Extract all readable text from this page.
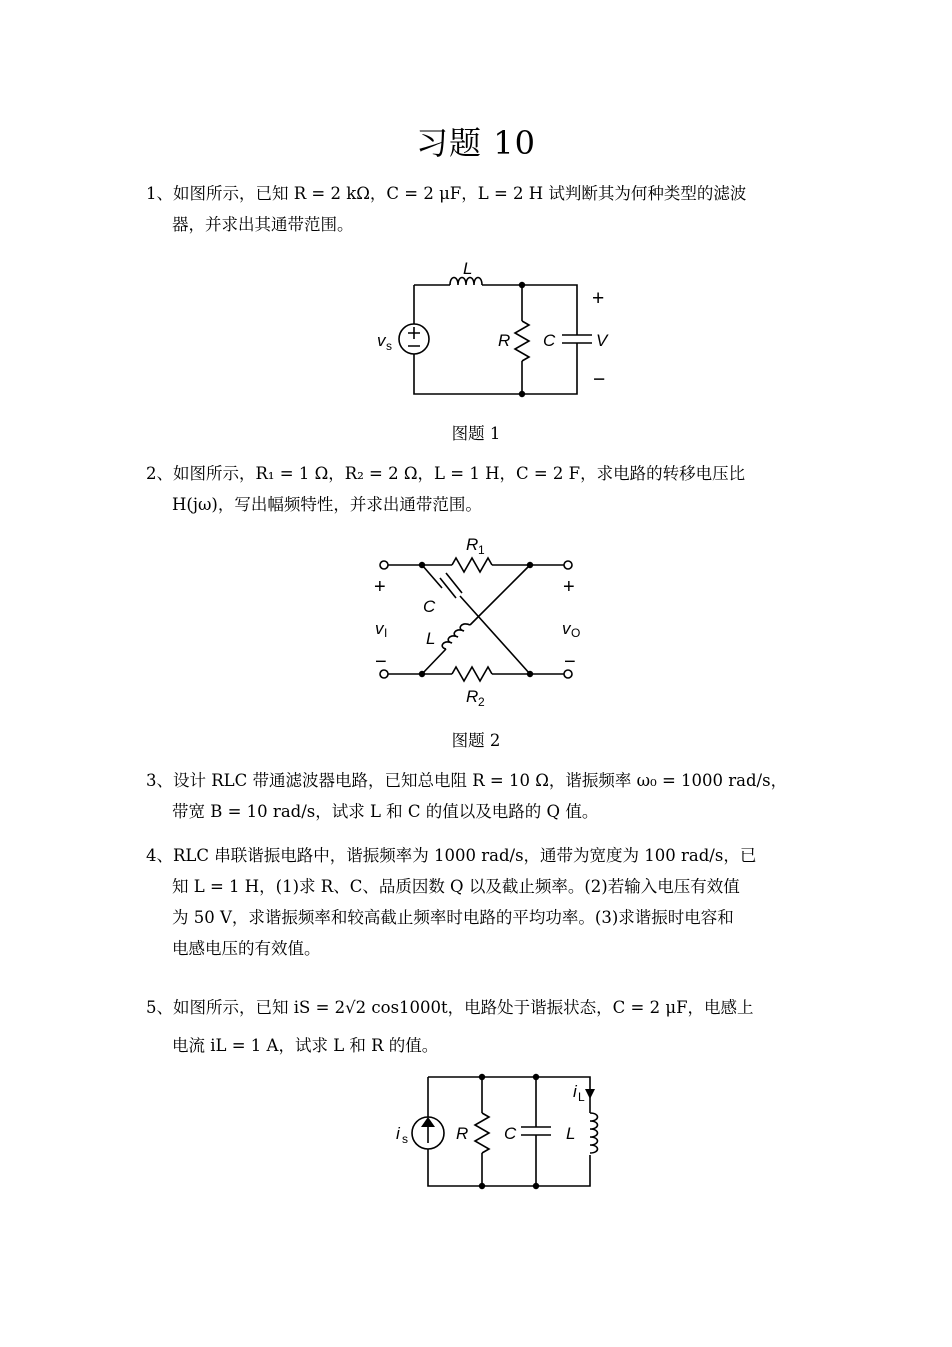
习题 10
1、如图所示，已知 R = 2 kΩ，C = 2 μF，L = 2 H 试判断其为何种类型的滤波
器，并求出其通带范围。
L
R C V
v s
+
−
图题 1
2、如图所示，R₁ = 1 Ω，R₂ = 2 Ω，L = 1 H，C = 2 F，求电路的转移电压比
H(jω)，写出幅频特性，并求出通带范围。
R 1
R 2
C
L
v I	v O
+	+
−	−
图题 2
3、设计 RLC 带通滤波器电路，已知总电阻 R = 10 Ω，谐振频率 ω₀ = 1000 rad/s，
带宽 B = 10 rad/s，试求 L 和 C 的值以及电路的 Q 值。
4、RLC 串联谐振电路中，谐振频率为 1000 rad/s，通带为宽度为 100 rad/s，已
知 L = 1 H，(1)求 R、C、品质因数 Q 以及截止频率。(2)若输入电压有效值
为 50 V，求谐振频率和较高截止频率时电路的平均功率。(3)求谐振时电容和
电感电压的有效值。
5、如图所示，已知 iS = 2√2 cos1000t，电路处于谐振状态，C = 2 μF，电感上
电流 iL = 1 A，试求 L 和 R 的值。
i s	R C	L
i L
